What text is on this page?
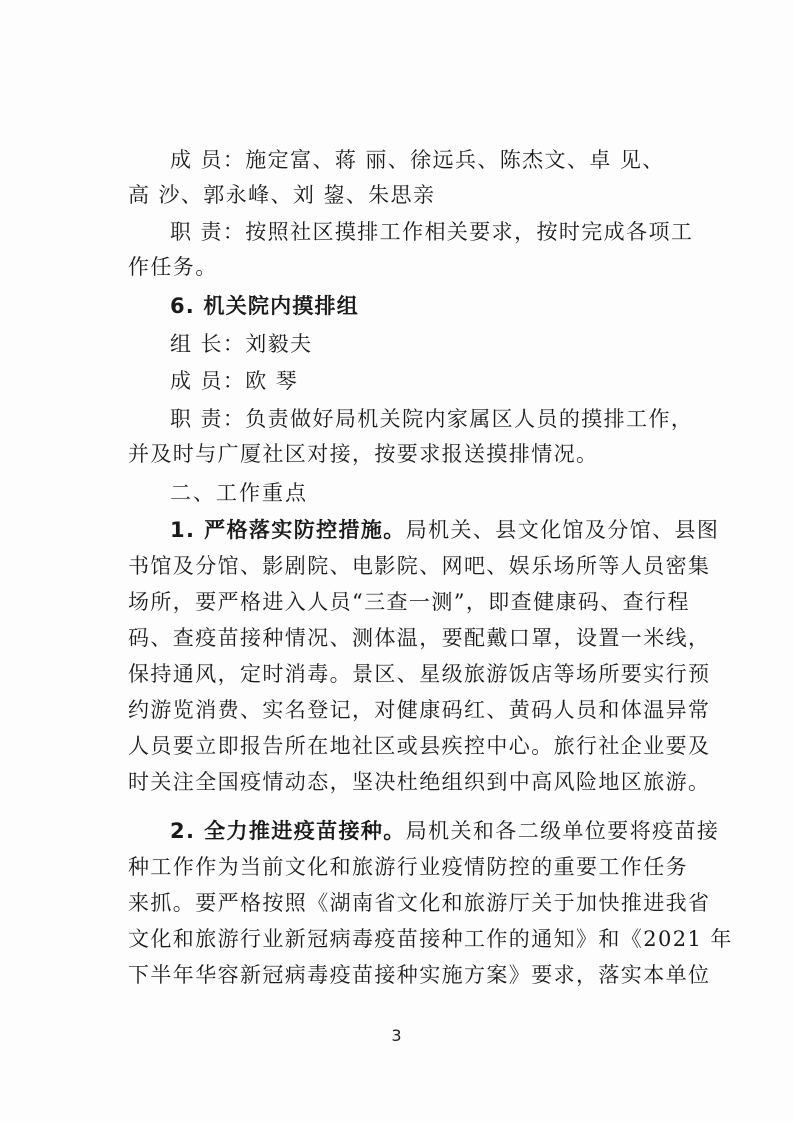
成 员：施定富、蒋 丽、徐远兵、陈杰文、卓 见、
高 沙、郭永峰、刘 鋆、朱思亲
职 责：按照社区摸排工作相关要求，按时完成各项工
作任务。
6. 机关院内摸排组
组 长：刘毅夫
成 员：欧 琴
职 责：负责做好局机关院内家属区人员的摸排工作，
并及时与广厦社区对接，按要求报送摸排情况。
二、工作重点
1. 严格落实防控措施。局机关、县文化馆及分馆、县图
书馆及分馆、影剧院、电影院、网吧、娱乐场所等人员密集
场所，要严格进入人员“三查一测”，即查健康码、查行程
码、查疫苗接种情况、测体温，要配戴口罩，设置一米线，
保持通风，定时消毒。景区、星级旅游饭店等场所要实行预
约游览消费、实名登记，对健康码红、黄码人员和体温异常
人员要立即报告所在地社区或县疾控中心。旅行社企业要及
时关注全国疫情动态，坚决杜绝组织到中高风险地区旅游。
2. 全力推进疫苗接种。局机关和各二级单位要将疫苗接
种工作作为当前文化和旅游行业疫情防控的重要工作任务
来抓。要严格按照《湖南省文化和旅游厅关于加快推进我省
文化和旅游行业新冠病毒疫苗接种工作的通知》和《2021 年
下半年华容新冠病毒疫苗接种实施方案》要求，落实本单位
3
